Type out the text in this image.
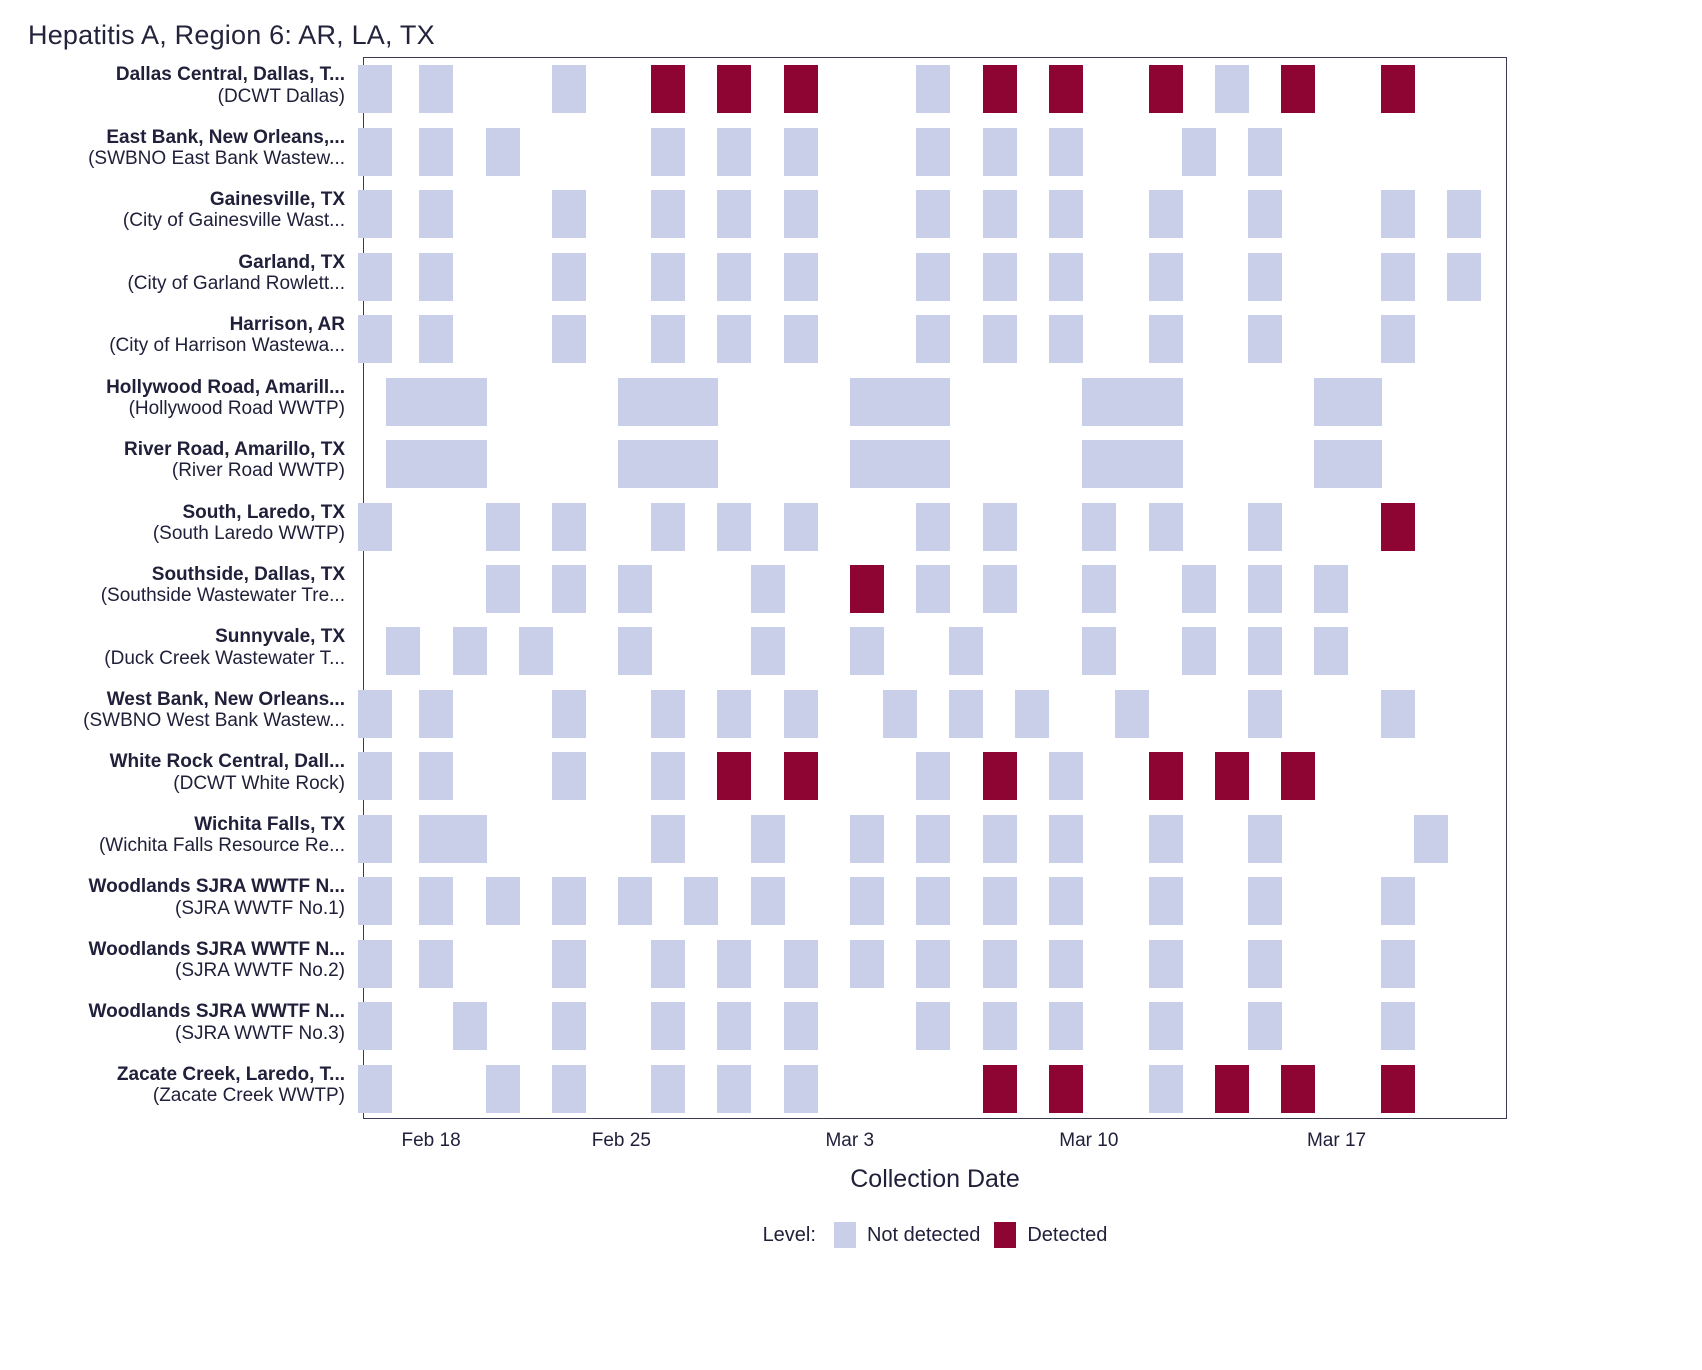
Hepatitis A, Region 6: AR, LA, TX
Dallas Central, Dallas, T...
(DCWT Dallas)
East Bank, New Orleans,...
(SWBNO East Bank Wastew...
Gainesville, TX
(City of Gainesville Wast...
Garland, TX
(City of Garland Rowlett...
Harrison, AR
(City of Harrison Wastewa...
Hollywood Road, Amarill...
(Hollywood Road WWTP)
River Road, Amarillo, TX
(River Road WWTP)
South, Laredo, TX
(South Laredo WWTP)
Southside, Dallas, TX
(Southside Wastewater Tre...
Sunnyvale, TX
(Duck Creek Wastewater T...
West Bank, New Orleans...
(SWBNO West Bank Wastew...
White Rock Central, Dall...
(DCWT White Rock)
Wichita Falls, TX
(Wichita Falls Resource Re...
Woodlands SJRA WWTF N...
(SJRA WWTF No.1)
Woodlands SJRA WWTF N...
(SJRA WWTF No.2)
Woodlands SJRA WWTF N...
(SJRA WWTF No.3)
Zacate Creek, Laredo, T...
(Zacate Creek WWTP)
Feb 18	Feb 25	Mar 3	Mar 10	Mar 17
Collection Date
Level:	Not detected Detected
